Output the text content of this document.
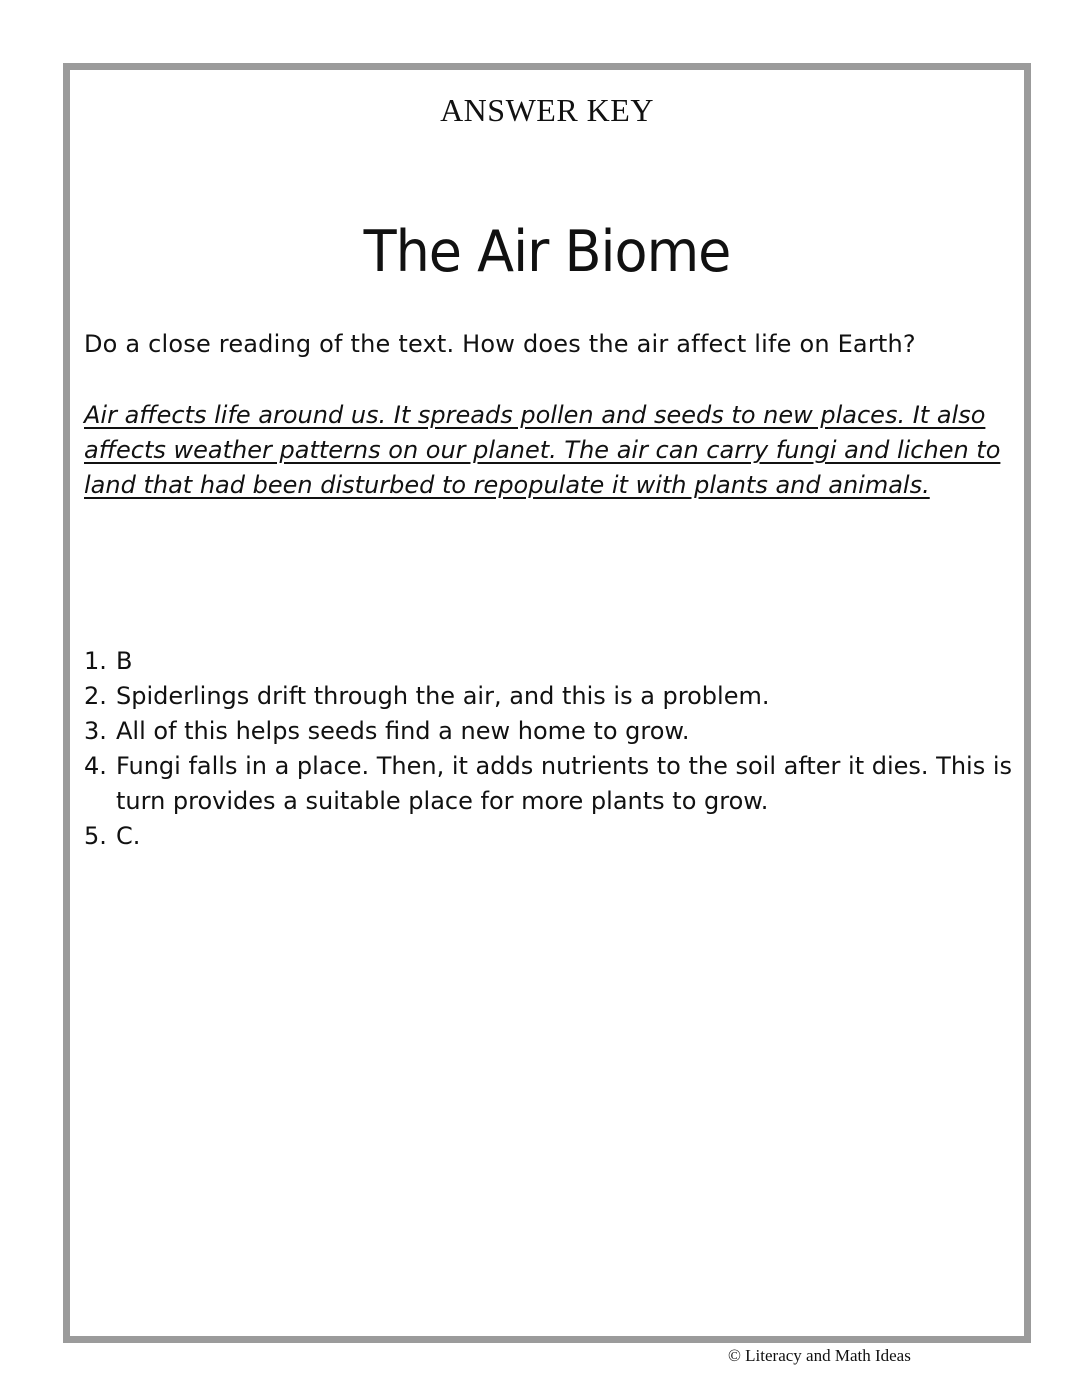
ANSWER KEY
The Air Biome
Do a close reading of the text. How does the air affect life on Earth?
Air affects life around us. It spreads pollen and seeds to new places. It also affects weather patterns on our planet. The air can carry fungi and lichen to land that had been disturbed to repopulate it with plants and animals.
1. B
2. Spiderlings drift through the air, and this is a problem.
3. All of this helps seeds find a new home to grow.
4. Fungi falls in a place. Then, it adds nutrients to the soil after it dies. This is turn provides a suitable place for more plants to grow.
5. C.
© Literacy and Math Ideas
